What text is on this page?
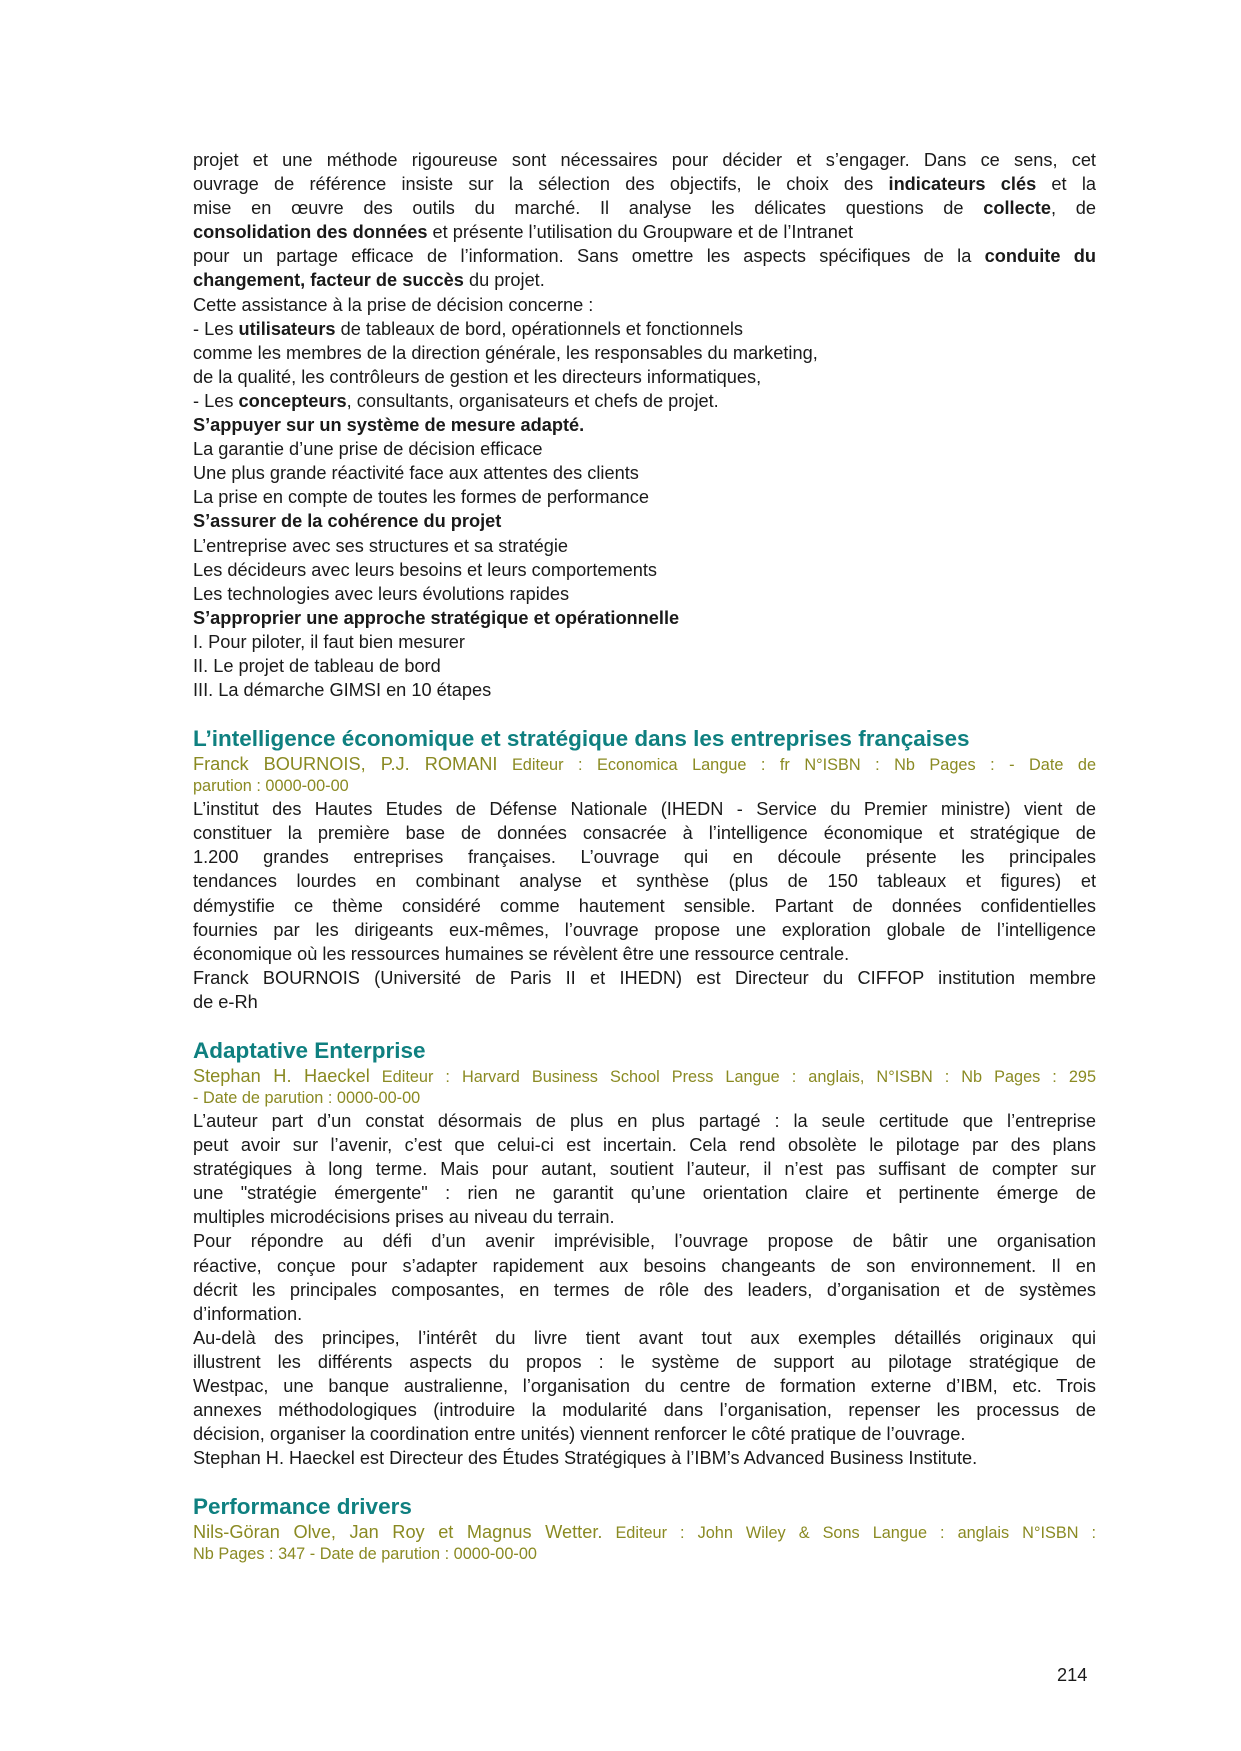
projet et une méthode rigoureuse sont nécessaires pour décider et s’engager. Dans ce sens, cet

ouvrage de référence insiste sur la sélection des objectifs, le choix des indicateurs clés et la

mise en œuvre des outils du marché. Il analyse les délicates questions de collecte, de

consolidation des données et présente l’utilisation du Groupware et de l’Intranet

pour un partage efficace de l’information. Sans omettre les aspects spécifiques de la conduite du

changement, facteur de succès du projet.

Cette assistance à la prise de décision concerne :

- Les utilisateurs de tableaux de bord, opérationnels et fonctionnels

comme les membres de la direction générale, les responsables du marketing,

de la qualité, les contrôleurs de gestion et les directeurs informatiques,

- Les concepteurs, consultants, organisateurs et chefs de projet.

S’appuyer sur un système de mesure adapté.

La garantie d’une prise de décision efficace

Une plus grande réactivité face aux attentes des clients

La prise en compte de toutes les formes de performance

S’assurer de la cohérence du projet

L’entreprise avec ses structures et sa stratégie

Les décideurs avec leurs besoins et leurs comportements

Les technologies avec leurs évolutions rapides

S’approprier une approche stratégique et opérationnelle

I. Pour piloter, il faut bien mesurer

II. Le projet de tableau de bord

III. La démarche GIMSI en 10 étapes

L’intelligence économique et stratégique dans les entreprises françaises

Franck BOURNOIS, P.J. ROMANI Editeur : Economica Langue : fr N°ISBN : Nb Pages : - Date de

parution : 0000-00-00

L’institut des Hautes Etudes de Défense Nationale (IHEDN - Service du Premier ministre) vient de

constituer la première base de données consacrée à l’intelligence économique et stratégique de

1.200 grandes entreprises françaises. L’ouvrage qui en découle présente les principales

tendances lourdes en combinant analyse et synthèse (plus de 150 tableaux et figures) et

démystifie ce thème considéré comme hautement sensible. Partant de données confidentielles

fournies par les dirigeants eux-mêmes, l’ouvrage propose une exploration globale de l’intelligence

économique où les ressources humaines se révèlent être une ressource centrale.

Franck BOURNOIS (Université de Paris II et IHEDN) est Directeur du CIFFOP institution membre

de e-Rh

Adaptative Enterprise

Stephan H. Haeckel Editeur : Harvard Business School Press Langue : anglais, N°ISBN : Nb Pages : 295

- Date de parution : 0000-00-00

L’auteur part d’un constat désormais de plus en plus partagé : la seule certitude que l’entreprise

peut avoir sur l’avenir, c’est que celui-ci est incertain. Cela rend obsolète le pilotage par des plans

stratégiques à long terme. Mais pour autant, soutient l’auteur, il n’est pas suffisant de compter sur

une "stratégie émergente" : rien ne garantit qu’une orientation claire et pertinente émerge de

multiples microdécisions prises au niveau du terrain.

Pour répondre au défi d’un avenir imprévisible, l’ouvrage propose de bâtir une organisation

réactive, conçue pour s’adapter rapidement aux besoins changeants de son environnement. Il en

décrit les principales composantes, en termes de rôle des leaders, d’organisation et de systèmes

d’information.

Au-delà des principes, l’intérêt du livre tient avant tout aux exemples détaillés originaux qui

illustrent les différents aspects du propos : le système de support au pilotage stratégique de

Westpac, une banque australienne, l’organisation du centre de formation externe d’IBM, etc. Trois

annexes méthodologiques (introduire la modularité dans l’organisation, repenser les processus de

décision, organiser la coordination entre unités) viennent renforcer le côté pratique de l’ouvrage.

Stephan H. Haeckel est Directeur des Études Stratégiques à l’IBM’s Advanced Business Institute.

Performance drivers

Nils-Göran Olve, Jan Roy et Magnus Wetter. Editeur : John Wiley & Sons Langue : anglais N°ISBN :

Nb Pages : 347 - Date de parution : 0000-00-00

214
